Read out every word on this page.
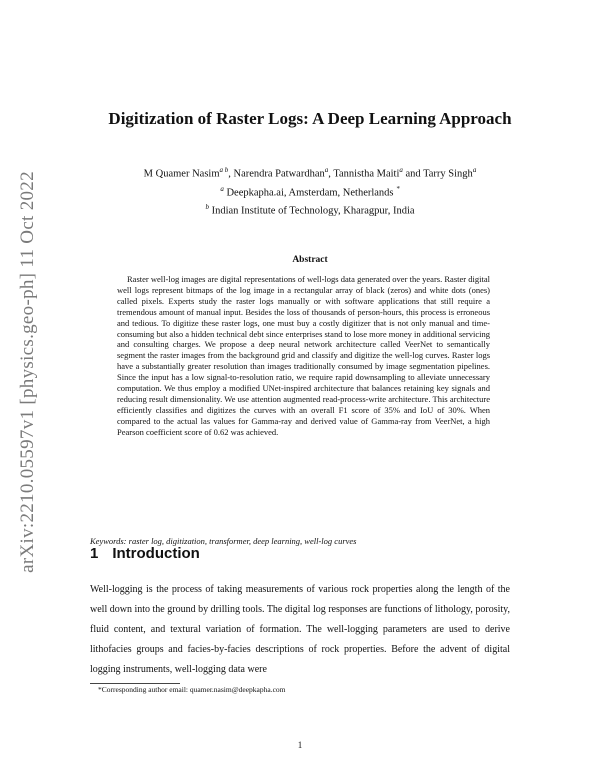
arXiv:2210.05597v1 [physics.geo-ph] 11 Oct 2022
Digitization of Raster Logs: A Deep Learning Approach
M Quamer Nasim$^{a b}$, Narendra Patwardhan$^a$, Tannistha Maiti$^a$ and Tarry Singh$^a$
$^a$ Deepkapha.ai, Amsterdam, Netherlands *
$^b$ Indian Institute of Technology, Kharagpur, India
Abstract
Raster well-log images are digital representations of well-logs data generated over the years. Raster digital well logs represent bitmaps of the log image in a rectangular array of black (zeros) and white dots (ones) called pixels. Experts study the raster logs manually or with software applications that still require a tremendous amount of manual input. Besides the loss of thousands of person-hours, this process is erroneous and tedious. To digitize these raster logs, one must buy a costly digitizer that is not only manual and time-consuming but also a hidden technical debt since enterprises stand to lose more money in additional servicing and consulting charges. We propose a deep neural network architecture called VeerNet to semantically segment the raster images from the background grid and classify and digitize the well-log curves. Raster logs have a substantially greater resolution than images traditionally consumed by image segmentation pipelines. Since the input has a low signal-to-resolution ratio, we require rapid downsampling to alleviate unnecessary computation. We thus employ a modified UNet-inspired architecture that balances retaining key signals and reducing result dimensionality. We use attention augmented read-process-write architecture. This architecture efficiently classifies and digitizes the curves with an overall F1 score of 35% and IoU of 30%. When compared to the actual las values for Gamma-ray and derived value of Gamma-ray from VeerNet, a high Pearson coefficient score of 0.62 was achieved.
Keywords: raster log, digitization, transformer, deep learning, well-log curves
1 Introduction
Well-logging is the process of taking measurements of various rock properties along the length of the well down into the ground by drilling tools. The digital log responses are functions of lithology, porosity, fluid content, and textural variation of formation. The well-logging parameters are used to derive lithofacies groups and facies-by-facies descriptions of rock properties. Before the advent of digital logging instruments, well-logging data were
*Corresponding author email: quamer.nasim@deepkapha.com
1
